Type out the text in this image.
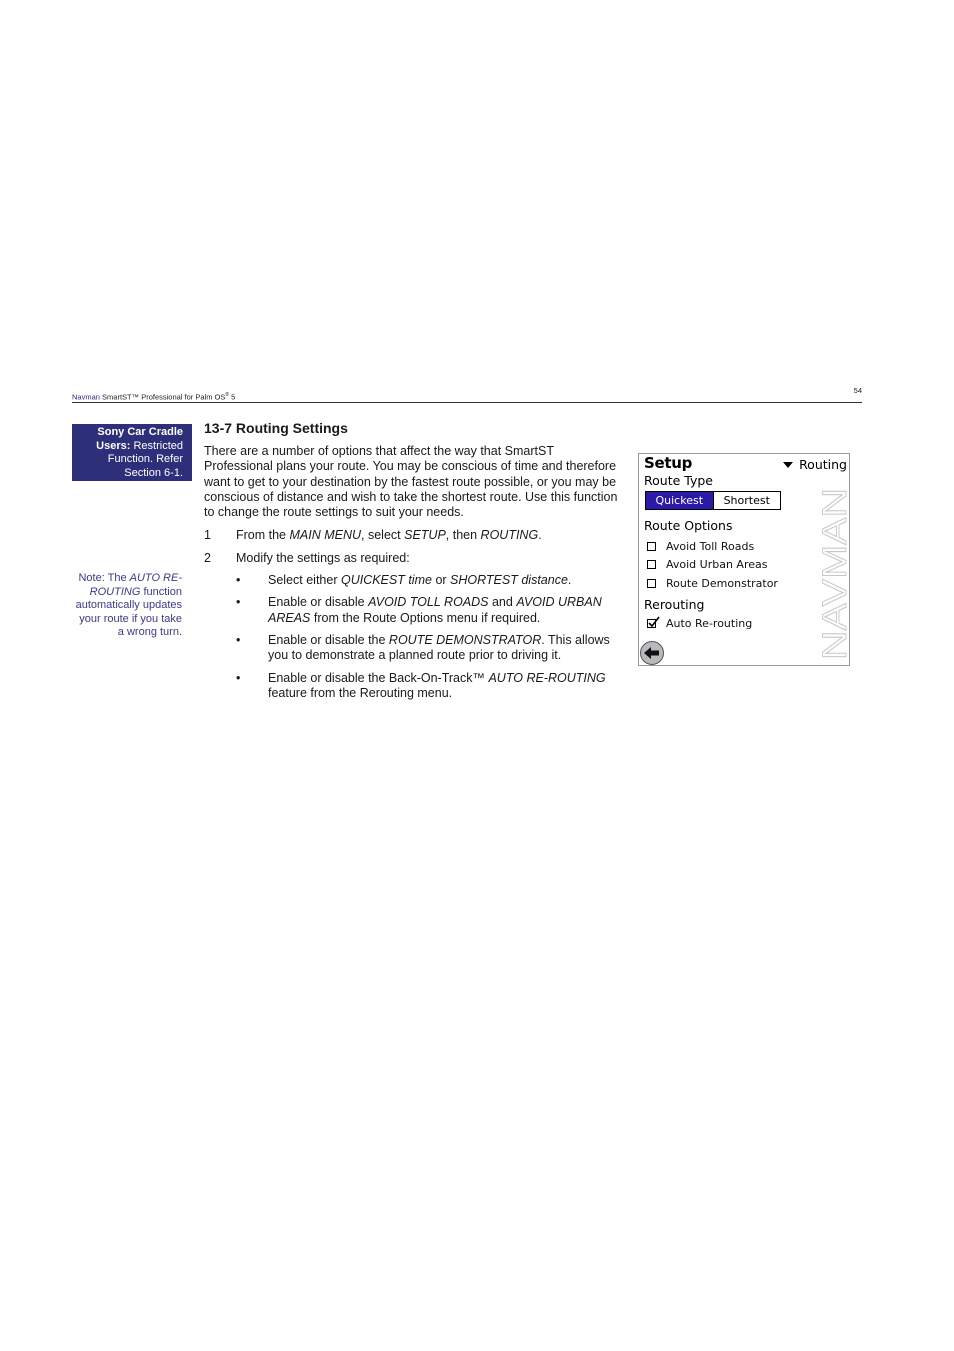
Navman SmartST™ Professional for Palm OS® 5
54
Sony Car Cradle Users: Restricted Function. Refer Section 6-1.
Note: The AUTO RE-ROUTING function automatically updates your route if you take a wrong turn.
13-7 Routing Settings

There are a number of options that affect the way that SmartST Professional plans your route. You may be conscious of time and therefore want to get to your destination by the fastest route possible, or you may be conscious of distance and wish to take the shortest route. Use this function to change the route settings to suit your needs.

1 From the MAIN MENU, select SETUP, then ROUTING.
2 Modify the settings as required:
• Select either QUICKEST time or SHORTEST distance.
• Enable or disable AVOID TOLL ROADS and AVOID URBAN AREAS from the Route Options menu if required.
• Enable or disable the ROUTE DEMONSTRATOR. This allows you to demonstrate a planned route prior to driving it.
• Enable or disable the Back-On-Track™ AUTO RE-ROUTING feature from the Rerouting menu.
NAVMAN
Setup	Routing
Route Type
Quickest	Shortest
Route Options
Avoid Toll Roads
Avoid Urban Areas
Route Demonstrator
Rerouting
Auto Re-routing
